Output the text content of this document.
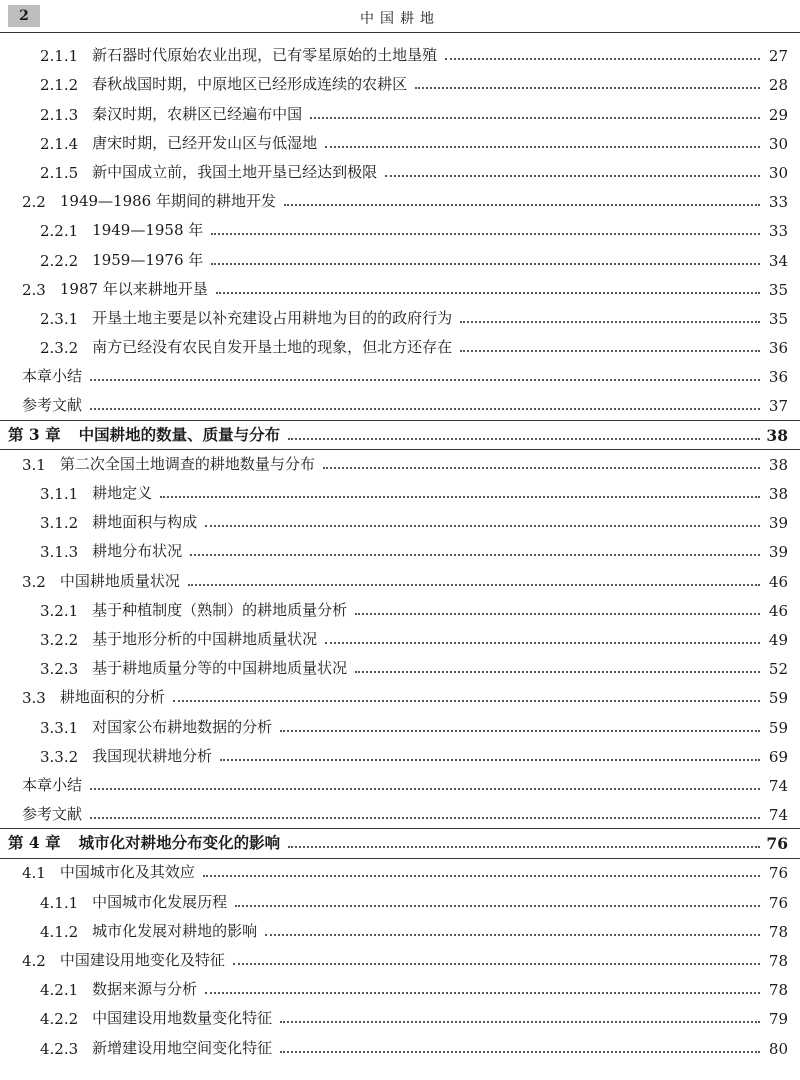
2	中国耕地
2.1.1 新石器时代原始农业出现，已有零星原始的土地垦殖	27
2.1.2 春秋战国时期，中原地区已经形成连续的农耕区	28
2.1.3 秦汉时期，农耕区已经遍布中国	29
2.1.4 唐宋时期，已经开发山区与低湿地	30
2.1.5 新中国成立前，我国土地开垦已经达到极限	30
2.2 1949—1986 年期间的耕地开发	33
2.2.1 1949—1958 年	33
2.2.2 1959—1976 年	34
2.3 1987 年以来耕地开垦	35
2.3.1 开垦土地主要是以补充建设占用耕地为目的的政府行为	35
2.3.2 南方已经没有农民自发开垦土地的现象，但北方还存在	36
本章小结	36
参考文献	37
第 3 章 中国耕地的数量、质量与分布	38
3.1 第二次全国土地调查的耕地数量与分布	38
3.1.1 耕地定义	38
3.1.2 耕地面积与构成	39
3.1.3 耕地分布状况	39
3.2 中国耕地质量状况	46
3.2.1 基于种植制度（熟制）的耕地质量分析	46
3.2.2 基于地形分析的中国耕地质量状况	49
3.2.3 基于耕地质量分等的中国耕地质量状况	52
3.3 耕地面积的分析	59
3.3.1 对国家公布耕地数据的分析	59
3.3.2 我国现状耕地分析	69
本章小结	74
参考文献	74
第 4 章 城市化对耕地分布变化的影响	76
4.1 中国城市化及其效应	76
4.1.1 中国城市化发展历程	76
4.1.2 城市化发展对耕地的影响	78
4.2 中国建设用地变化及特征	78
4.2.1 数据来源与分析	78
4.2.2 中国建设用地数量变化特征	79
4.2.3 新增建设用地空间变化特征	80
